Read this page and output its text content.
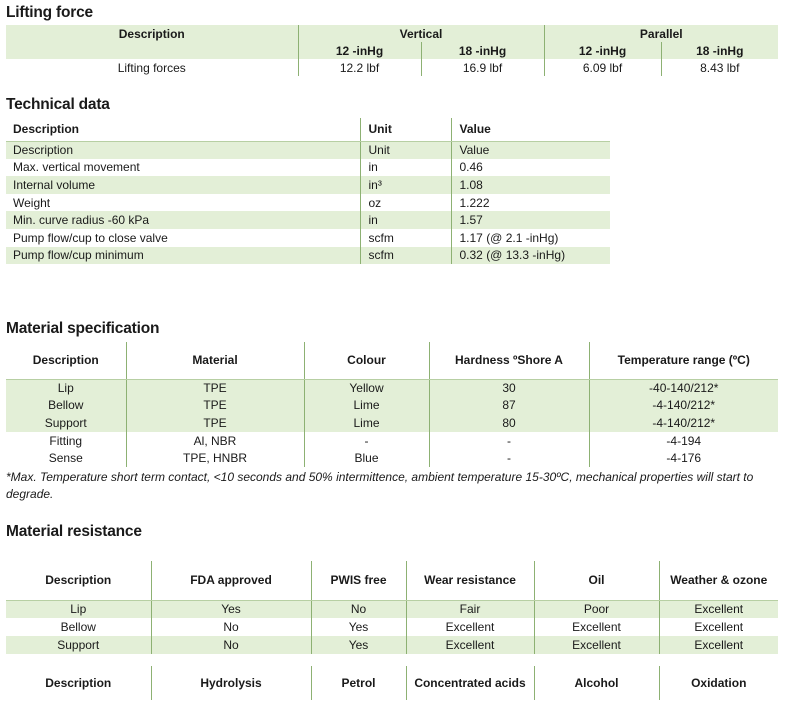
Lifting force
Description	Vertical		Parallel	
	12 -inHg	18 -inHg	12 -inHg	18 -inHg
Lifting forces	12.2 lbf	16.9 lbf	6.09 lbf	8.43 lbf
Technical data
Description	Unit	Value
Description	Unit	Value
Max. vertical movement	in	0.46
Internal volume	in³	1.08
Weight	oz	1.222
Min. curve radius -60 kPa	in	1.57
Pump flow/cup to close valve	scfm	1.17 (@ 2.1 -inHg)
Pump flow/cup minimum	scfm	0.32 (@ 13.3 -inHg)
Material specification
Description	Material	Colour	Hardness ºShore A	Temperature range (ºC)
Lip	TPE	Yellow	30	-40-140/212*
Bellow	TPE	Lime	87	-4-140/212*
Support	TPE	Lime	80	-4-140/212*
Fitting	Al, NBR	-	-	-4-194
Sense	TPE, HNBR	Blue	-	-4-176
*Max. Temperature short term contact, <10 seconds and 50% intermittence, ambient temperature 15-30ºC, mechanical properties will start to degrade.
Material resistance
Description	FDA approved	PWIS free	Wear resistance	Oil	Weather & ozone
Lip	Yes	No	Fair	Poor	Excellent
Bellow	No	Yes	Excellent	Excellent	Excellent
Support	No	Yes	Excellent	Excellent	Excellent

Description	Hydrolysis	Petrol	Concentrated acids	Alcohol	Oxidation
